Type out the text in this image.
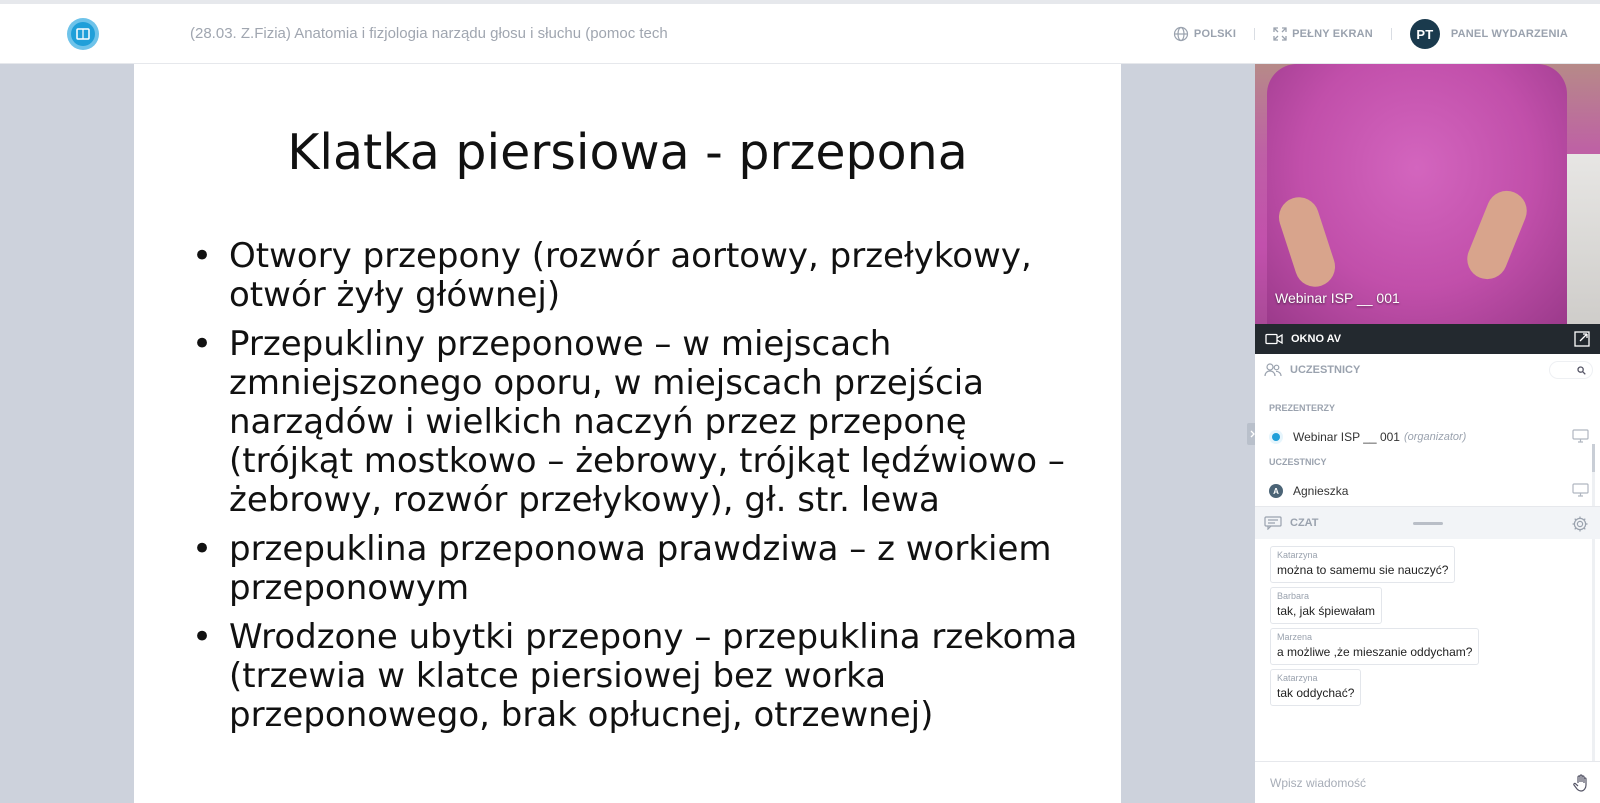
(28.03. Z.Fizia) Anatomia i fizjologia narządu głosu i słuchu (pomoc tech	POLSKI	PEŁNY EKRAN	PT	PANEL WYDARZENIA
Klatka piersiowa - przepona
• Otwory przepony (rozwór aortowy, przełykowy, otwór żyły głównej)
• Przepukliny przeponowe – w miejscach zmniejszonego oporu, w miejscach przejścia narządów i wielkich naczyń przez przeponę (trójkąt mostkowo – żebrowy, trójkąt lędźwiowo – żebrowy, rozwór przełykowy), gł. str. lewa
• przepuklina przeponowa prawdziwa – z workiem przeponowym
• Wrodzone ubytki przepony – przepuklina rzekoma (trzewia w klatce piersiowej bez worka przeponowego, brak opłucnej, otrzewnej)
Webinar ISP __ 001
OKNO AV
UCZESTNICY
PREZENTERZY
Webinar ISP __ 001 (organizator)
UCZESTNICY
A	Agnieszka
CZAT
Katarzyna
można to samemu sie nauczyć?
Barbara
tak, jak śpiewałam
Marzena
a możliwe ,że mieszanie oddycham?
Katarzyna
tak oddychać?
Wpisz wiadomość
